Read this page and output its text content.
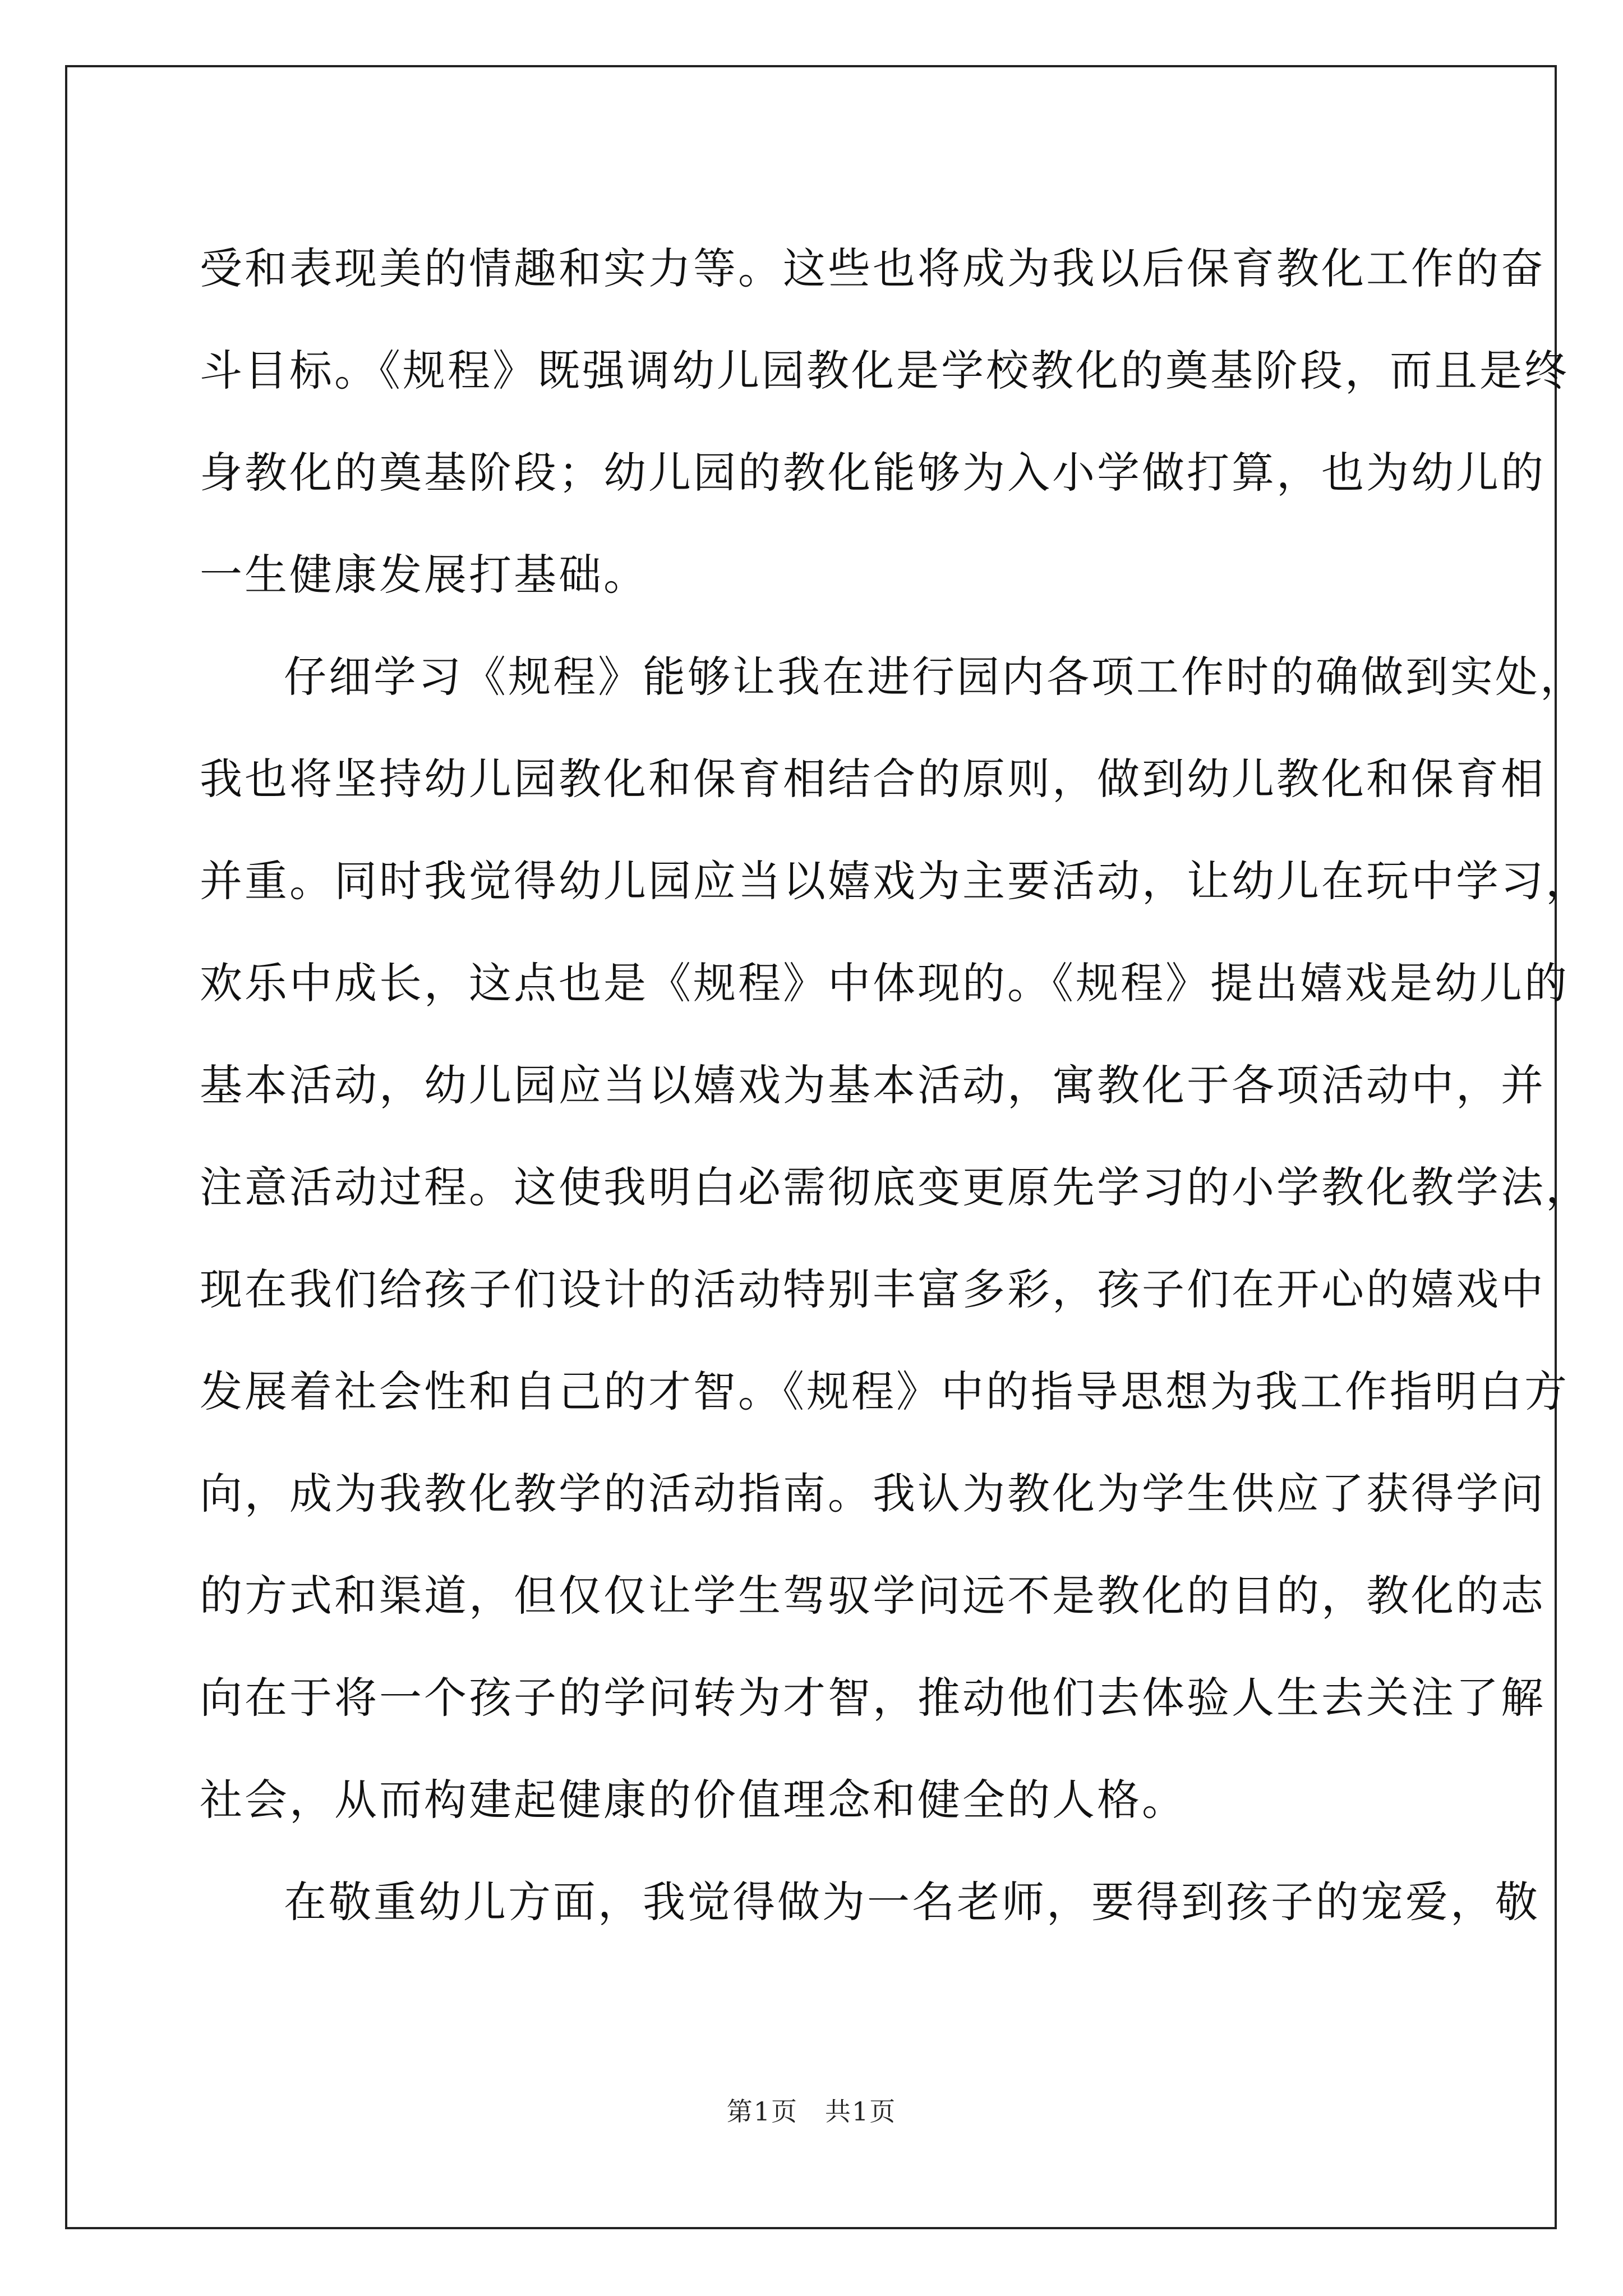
受和表现美的情趣和实力等。这些也将成为我以后保育教化工作的奋
斗目标。《规程》既强调幼儿园教化是学校教化的奠基阶段，而且是终
身教化的奠基阶段；幼儿园的教化能够为入小学做打算，也为幼儿的
一生健康发展打基础。
仔细学习《规程》能够让我在进行园内各项工作时的确做到实处，
我也将坚持幼儿园教化和保育相结合的原则，做到幼儿教化和保育相
并重。同时我觉得幼儿园应当以嬉戏为主要活动，让幼儿在玩中学习，
欢乐中成长，这点也是《规程》中体现的。《规程》提出嬉戏是幼儿的
基本活动，幼儿园应当以嬉戏为基本活动，寓教化于各项活动中，并
注意活动过程。这使我明白必需彻底变更原先学习的小学教化教学法，
现在我们给孩子们设计的活动特别丰富多彩，孩子们在开心的嬉戏中
发展着社会性和自己的才智。《规程》中的指导思想为我工作指明白方
向，成为我教化教学的活动指南。我认为教化为学生供应了获得学问
的方式和渠道，但仅仅让学生驾驭学问远不是教化的目的，教化的志
向在于将一个孩子的学问转为才智，推动他们去体验人生去关注了解
社会，从而构建起健康的价值理念和健全的人格。
在敬重幼儿方面，我觉得做为一名老师，要得到孩子的宠爱，敬
第1页　共1页
